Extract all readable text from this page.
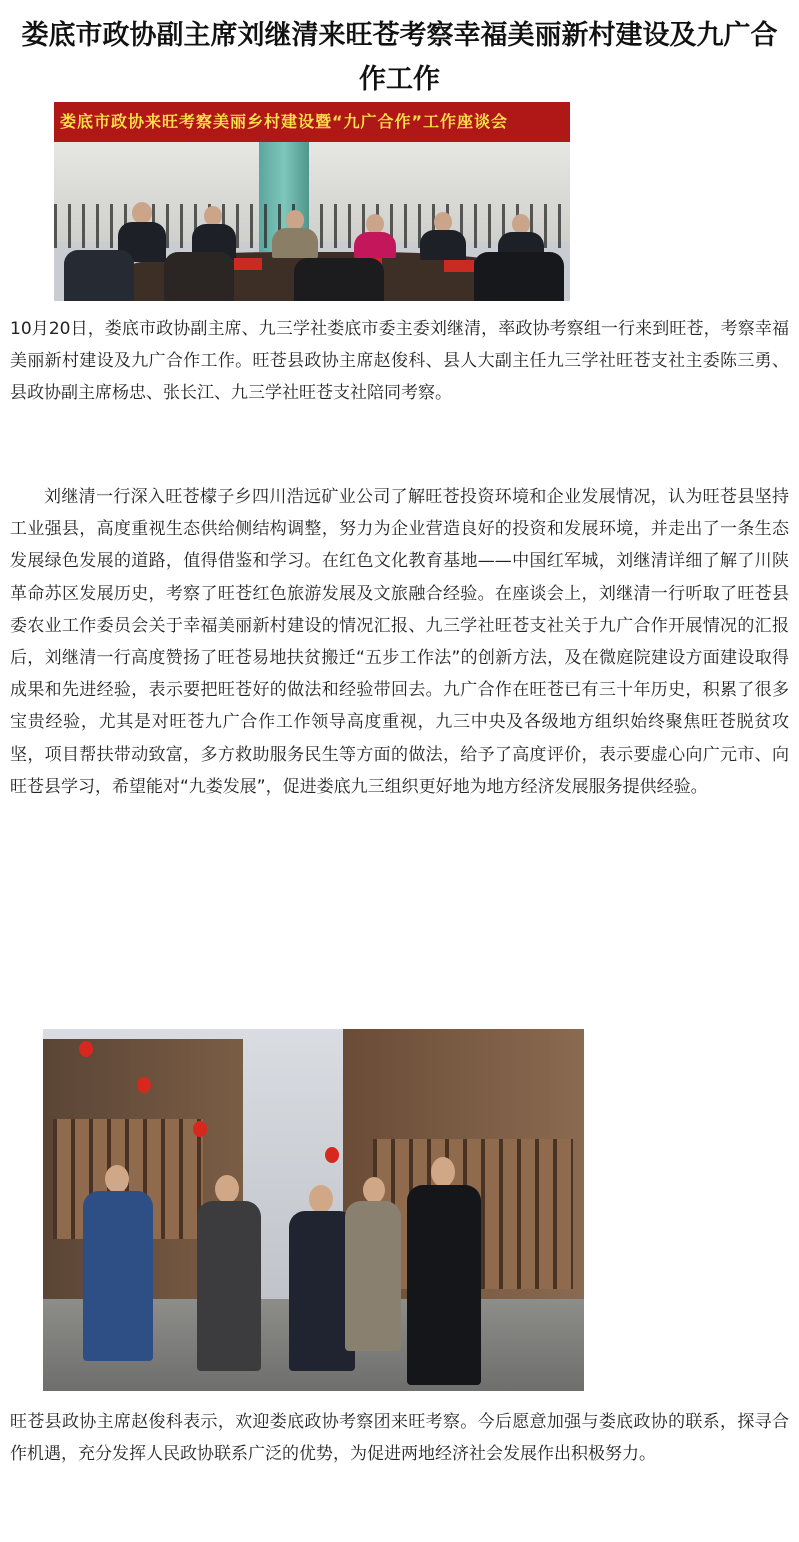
娄底市政协副主席刘继清来旺苍考察幸福美丽新村建设及九广合作工作
娄底市政协来旺考察美丽乡村建设暨“九广合作”工作座谈会

10月20日，娄底市政协副主席、九三学社娄底市委主委刘继清，率政协考察组一行来到旺苍，考察幸福美丽新村建设及九广合作工作。旺苍县政协主席赵俊科、县人大副主任九三学社旺苍支社主委陈三勇、县政协副主席杨忠、张长江、九三学社旺苍支社陪同考察。

刘继清一行深入旺苍檬子乡四川浩远矿业公司了解旺苍投资环境和企业发展情况，认为旺苍县坚持工业强县，高度重视生态供给侧结构调整，努力为企业营造良好的投资和发展环境，并走出了一条生态发展绿色发展的道路，值得借鉴和学习。在红色文化教育基地——中国红军城，刘继清详细了解了川陕革命苏区发展历史，考察了旺苍红色旅游发展及文旅融合经验。在座谈会上，刘继清一行听取了旺苍县委农业工作委员会关于幸福美丽新村建设的情况汇报、九三学社旺苍支社关于九广合作开展情况的汇报后，刘继清一行高度赞扬了旺苍易地扶贫搬迁“五步工作法”的创新方法，及在微庭院建设方面建设取得成果和先进经验，表示要把旺苍好的做法和经验带回去。九广合作在旺苍已有三十年历史，积累了很多宝贵经验，尤其是对旺苍九广合作工作领导高度重视，九三中央及各级地方组织始终聚焦旺苍脱贫攻坚，项目帮扶带动致富，多方救助服务民生等方面的做法，给予了高度评价，表示要虚心向广元市、向旺苍县学习，希望能对“九娄发展”，促进娄底九三组织更好地为地方经济发展服务提供经验。

旺苍县政协主席赵俊科表示，欢迎娄底政协考察团来旺考察。今后愿意加强与娄底政协的联系，探寻合作机遇，充分发挥人民政协联系广泛的优势，为促进两地经济社会发展作出积极努力。
